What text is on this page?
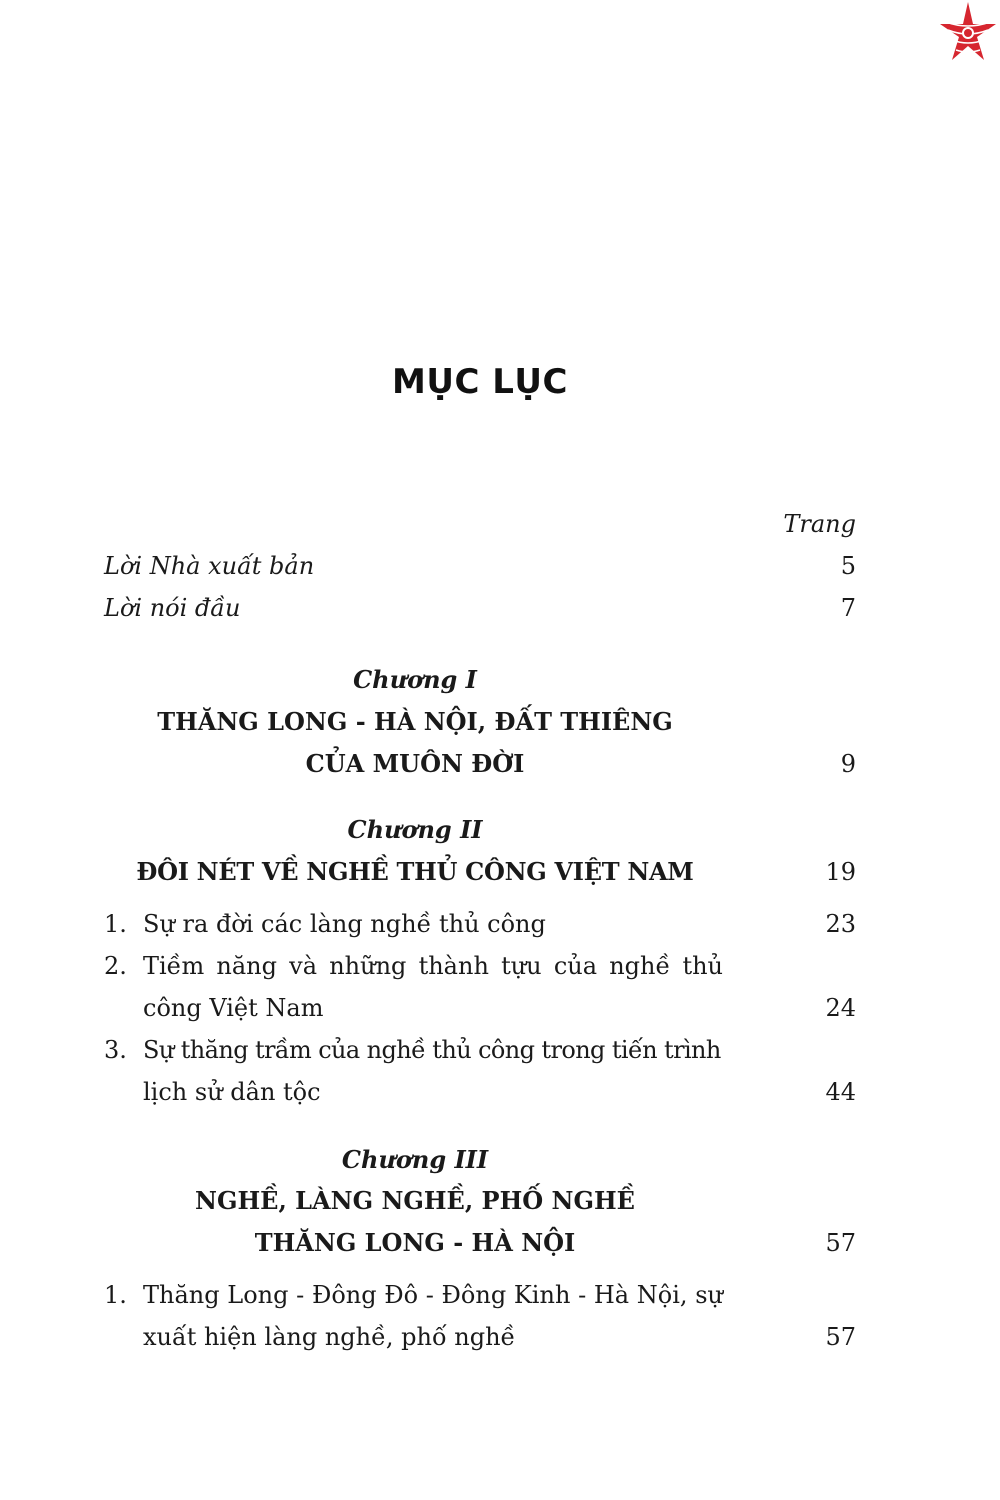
MỤC LỤC
Trang
Lời Nhà xuất bản	5
Lời nói đầu	7
Chương I
THĂNG LONG - HÀ NỘI, ĐẤT THIÊNG
CỦA MUÔN ĐỜI	9
Chương II
ĐÔI NÉT VỀ NGHỀ THỦ CÔNG VIỆT NAM	19
1. Sự ra đời các làng nghề thủ công	23
2. Tiềm năng và những thành tựu của nghề thủ
công Việt Nam	24
3. Sự thăng trầm của nghề thủ công trong tiến trình
lịch sử dân tộc	44
Chương III
NGHỀ, LÀNG NGHỀ, PHỐ NGHỀ
THĂNG LONG - HÀ NỘI	57
1. Thăng Long - Đông Đô - Đông Kinh - Hà Nội, sự
xuất hiện làng nghề, phố nghề	57
